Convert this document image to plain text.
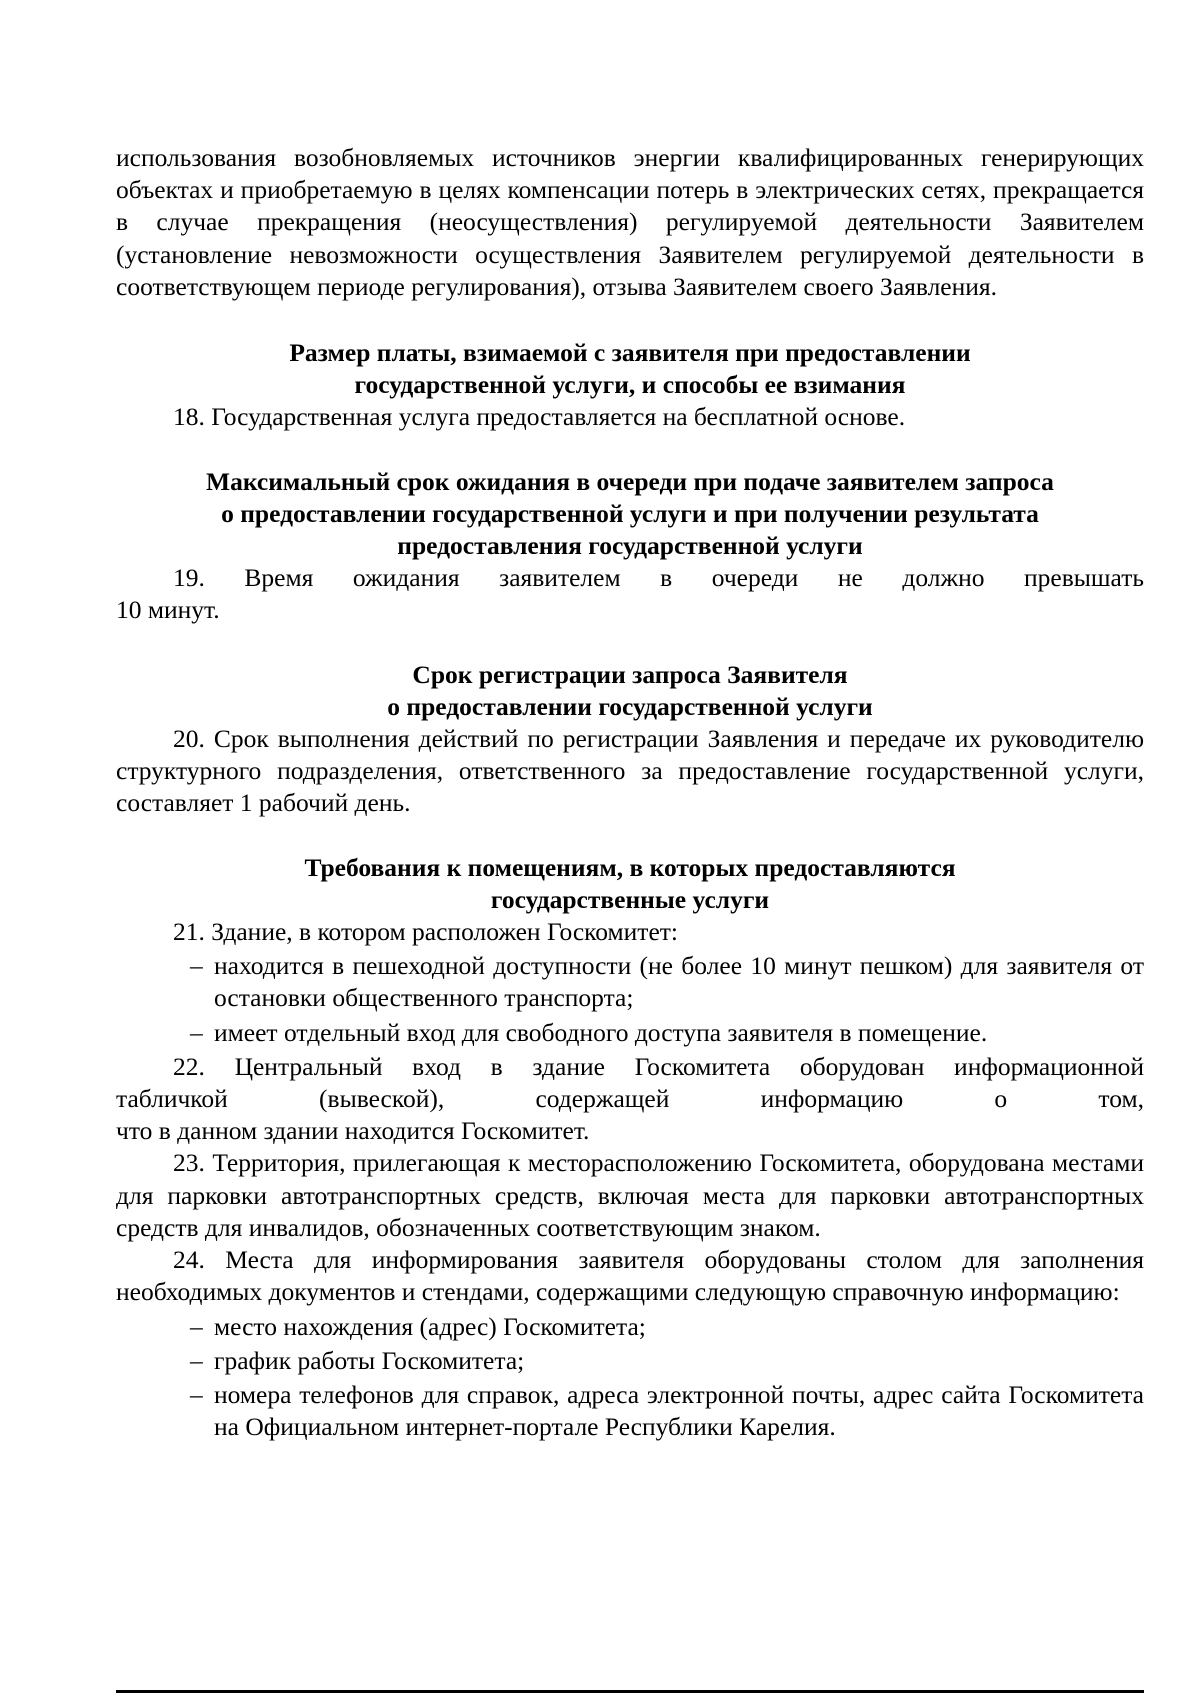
использования возобновляемых источников энергии квалифицированных генерирующих объектах и приобретаемую в целях компенсации потерь в электрических сетях, прекращается в случае прекращения (неосуществления) регулируемой деятельности Заявителем (установление невозможности осуществления Заявителем регулируемой деятельности в соответствующем периоде регулирования), отзыва Заявителем своего Заявления.

Размер платы, взимаемой с заявителя при предоставлении

государственной услуги, и способы ее взимания

18. Государственная услуга предоставляется на бесплатной основе.

Максимальный срок ожидания в очереди при подаче заявителем запроса

о предоставлении государственной услуги и при получении результата

предоставления государственной услуги

19. Время ожидания заявителем в очереди не должно превышать

10 минут.

Срок регистрации запроса Заявителя

о предоставлении государственной услуги

20. Срок выполнения действий по регистрации Заявления и передаче их руководителю структурного подразделения, ответственного за предоставление государственной услуги, составляет 1 рабочий день.

Требования к помещениям, в которых предоставляются

государственные услуги

21. Здание, в котором расположен Госкомитет:

– находится в пешеходной доступности (не более 10 минут пешком) для заявителя от остановки общественного транспорта;
– имеет отдельный вход для свободного доступа заявителя в помещение.

22. Центральный вход в здание Госкомитета оборудован информационной

табличкой (вывеской), содержащей информацию о том,

что в данном здании находится Госкомитет.

23. Территория, прилегающая к месторасположению Госкомитета, оборудована местами для парковки автотранспортных средств, включая места для парковки автотранспортных средств для инвалидов, обозначенных соответствующим знаком.

24. Места для информирования заявителя оборудованы столом для заполнения необходимых документов и стендами, содержащими следующую справочную информацию:

– место нахождения (адрес) Госкомитета;
– график работы Госкомитета;
– номера телефонов для справок, адреса электронной почты, адрес сайта Госкомитета на Официальном интернет-портале Республики Карелия.
